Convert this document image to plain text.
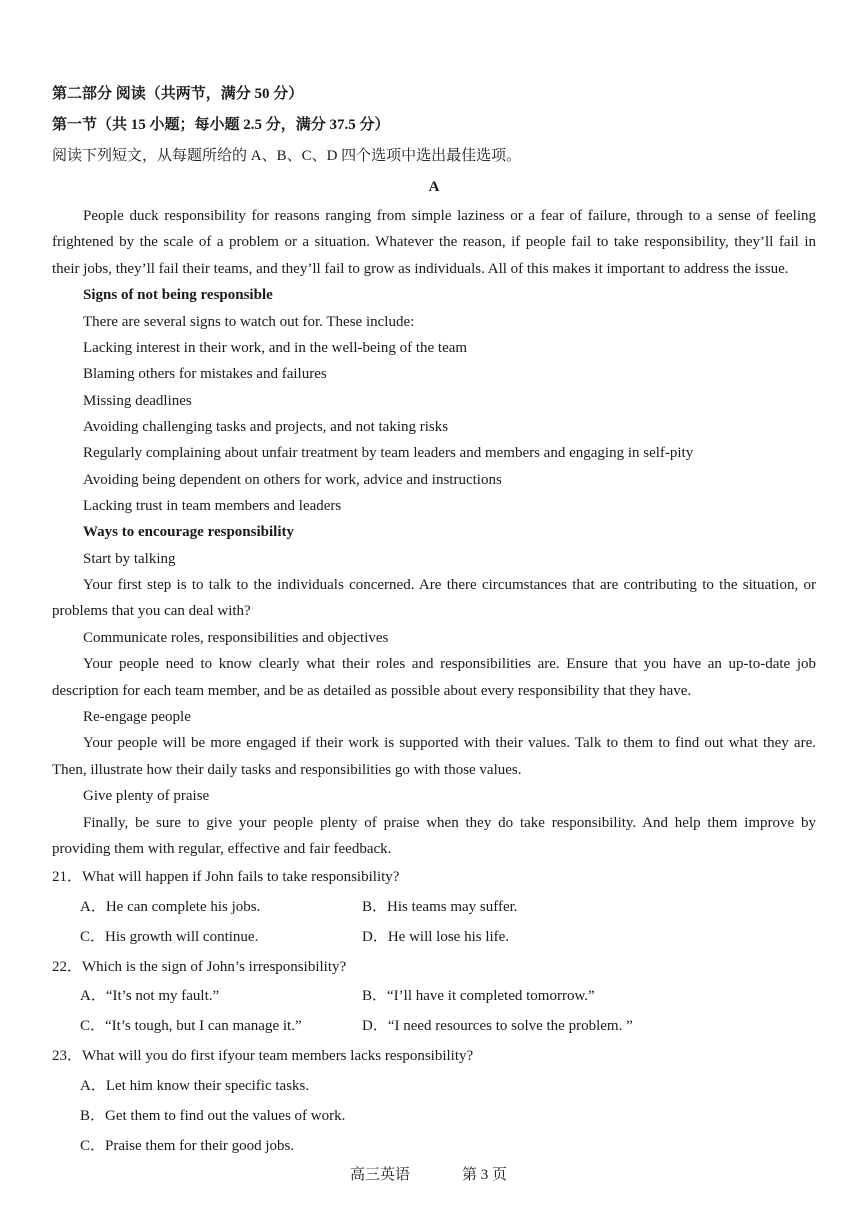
第二部分 阅读（共两节，满分 50 分）
第一节（共 15 小题；每小题 2.5 分，满分 37.5 分）
阅读下列短文，从每题所给的 A、B、C、D 四个选项中选出最佳选项。
A
People duck responsibility for reasons ranging from simple laziness or a fear of failure, through to a sense of feeling
frightened by the scale of a problem or a situation. Whatever the reason, if people fail to take responsibility, they’ll fail in
their jobs, they’ll fail their teams, and they’ll fail to grow as individuals. All of this makes it important to address the issue.
Signs of not being responsible
There are several signs to watch out for. These include:
Lacking interest in their work, and in the well-being of the team
Blaming others for mistakes and failures
Missing deadlines
Avoiding challenging tasks and projects, and not taking risks
Regularly complaining about unfair treatment by team leaders and members and engaging in self-pity
Avoiding being dependent on others for work, advice and instructions
Lacking trust in team members and leaders
Ways to encourage responsibility
Start by talking
Your first step is to talk to the individuals concerned. Are there circumstances that are contributing to the situation, or
problems that you can deal with?
Communicate roles, responsibilities and objectives
Your people need to know clearly what their roles and responsibilities are. Ensure that you have an up-to-date job
description for each team member, and be as detailed as possible about every responsibility that they have.
Re-engage people
Your people will be more engaged if their work is supported with their values. Talk to them to find out what they are.
Then, illustrate how their daily tasks and responsibilities go with those values.
Give plenty of praise
Finally, be sure to give your people plenty of praise when they do take responsibility. And help them improve by
providing them with regular, effective and fair feedback.
21．What will happen if John fails to take responsibility?
A．He can complete his jobs.	B．His teams may suffer.
C．His growth will continue.	D．He will lose his life.
22．Which is the sign of John’s irresponsibility?
A．“It’s not my fault.”	B．“I’ll have it completed tomorrow.”
C．“It’s tough, but I can manage it.”	D．“I need resources to solve the problem. ”
23．What will you do first ifyour team members lacks responsibility?
A．Let him know their specific tasks.
B．Get them to find out the values of work.
C．Praise them for their good jobs.
高三英语	第 3 页
